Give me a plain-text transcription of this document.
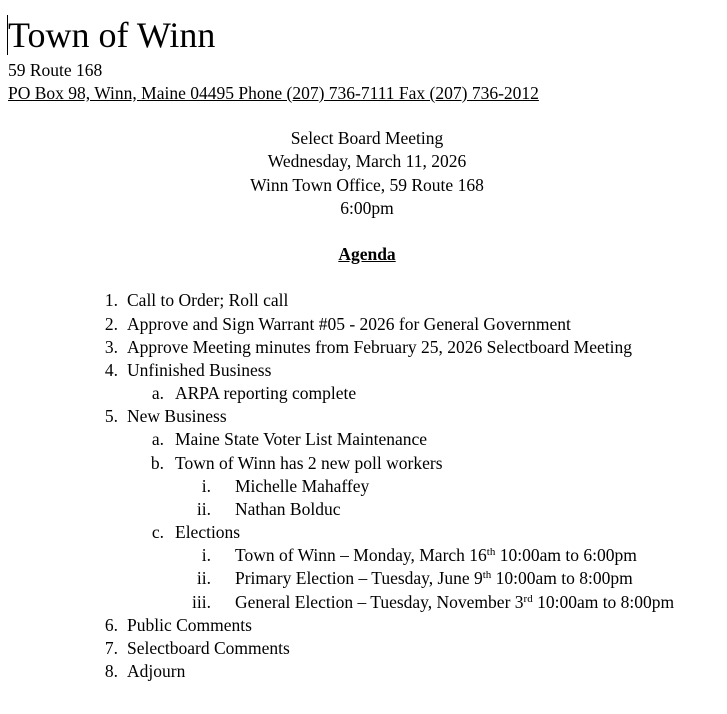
Town of Winn
59 Route 168
PO Box 98, Winn, Maine 04495 Phone (207) 736-7111 Fax (207) 736-2012
Select Board Meeting
Wednesday, March 11, 2026
Winn Town Office, 59 Route 168
6:00pm
Agenda
1. Call to Order; Roll call
2. Approve and Sign Warrant #05 - 2026 for General Government
3. Approve Meeting minutes from February 25, 2026 Selectboard Meeting
4. Unfinished Business
a. ARPA reporting complete
5. New Business
a. Maine State Voter List Maintenance
b. Town of Winn has 2 new poll workers
i. Michelle Mahaffey
ii. Nathan Bolduc
c. Elections
i. Town of Winn – Monday, March 16th 10:00am to 6:00pm
ii. Primary Election – Tuesday, June 9th 10:00am to 8:00pm
iii. General Election – Tuesday, November 3rd 10:00am to 8:00pm
6. Public Comments
7. Selectboard Comments
8. Adjourn
